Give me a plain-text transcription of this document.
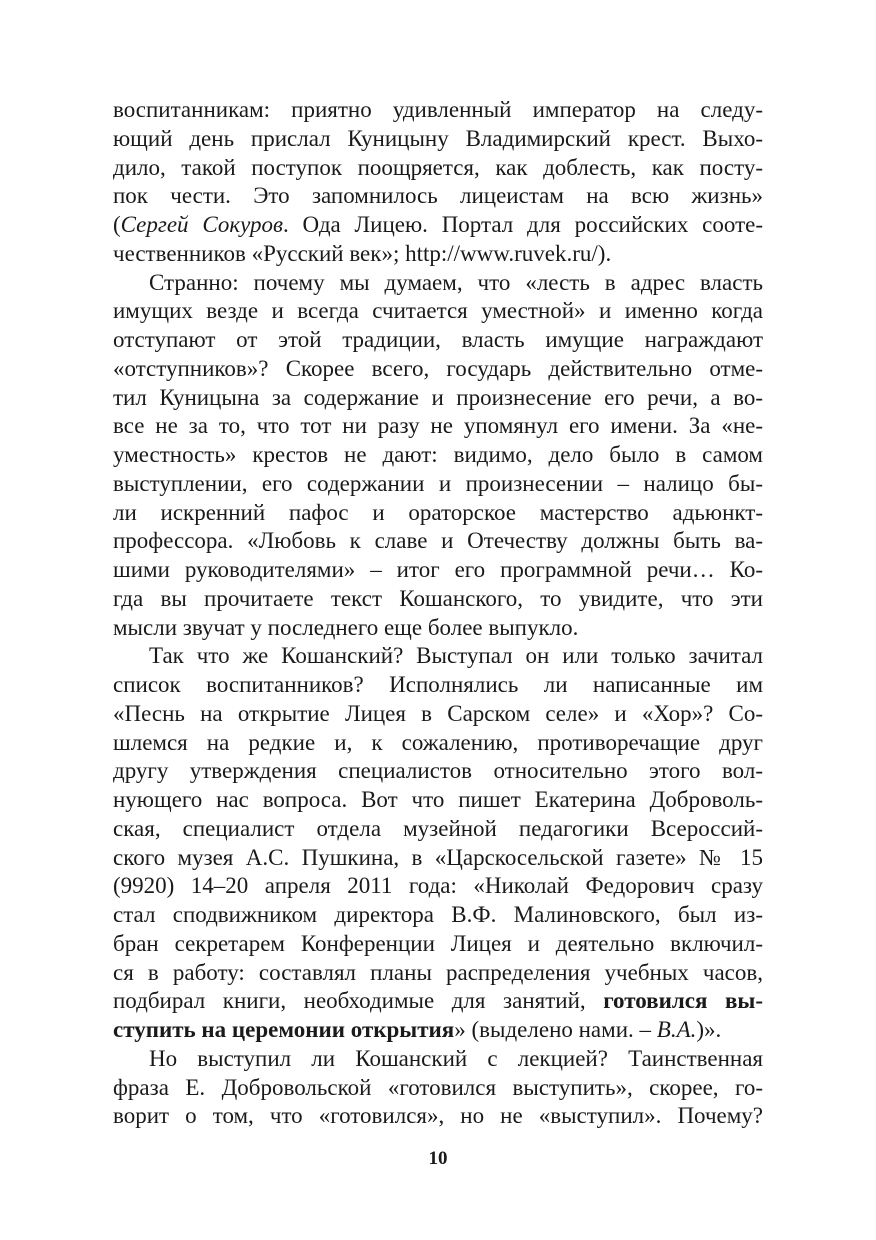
воспитанникам: приятно удивленный император на следу-
ющий день прислал Куницыну Владимирский крест. Выхо-
дило, такой поступок поощряется, как доблесть, как посту-
пок чести. Это запомнилось лицеистам на всю жизнь»
(Сергей Сокуров. Ода Лицею. Портал для российских соотe-
чественников «Русский век»; http://www.ruvek.ru/).
Странно: почему мы думаем, что «лесть в адрес власть
имущих везде и всегда считается уместной» и именно когда
отступают от этой традиции, власть имущие награждают
«отступников»? Скорее всего, государь действительно отме-
тил Куницына за содержание и произнесение его речи, а во-
все не за то, что тот ни разу не упомянул его имени. За «не-
уместность» крестов не дают: видимо, дело было в самом
выступлении, его содержании и произнесении – налицо бы-
ли искренний пафос и ораторское мастерство адьюнкт-
профессора. «Любовь к славе и Отечеству должны быть ва-
шими руководителями» – итог его программной речи… Ко-
гда вы прочитаете текст Кошанского, то увидите, что эти
мысли звучат у последнего еще более выпукло.
Так что же Кошанский? Выступал он или только зачитал
список воспитанников? Исполнялись ли написанные им
«Песнь на открытие Лицея в Сарском селе» и «Хор»? Со-
шлемся на редкие и, к сожалению, противоречащие друг
другу утверждения специалистов относительно этого вол-
нующего нас вопроса. Вот что пишет Екатерина Доброволь-
ская, специалист отдела музейной педагогики Всероссий-
ского музея А.С. Пушкина, в «Царскосельской газете» № 15
(9920) 14–20 апреля 2011 года: «Николай Федорович сразу
стал сподвижником директора В.Ф. Малиновского, был из-
бран секретарем Конференции Лицея и деятельно включил-
ся в работу: составлял планы распределения учебных часов,
подбирал книги, необходимые для занятий, готовился вы-
ступить на церемонии открытия» (выделено нами. – В.А.)».
Но выступил ли Кошанский с лекцией? Таинственная
фраза Е. Добровольской «готовился выступить», скорее, го-
ворит о том, что «готовился», но не «выступил». Почему?
10
